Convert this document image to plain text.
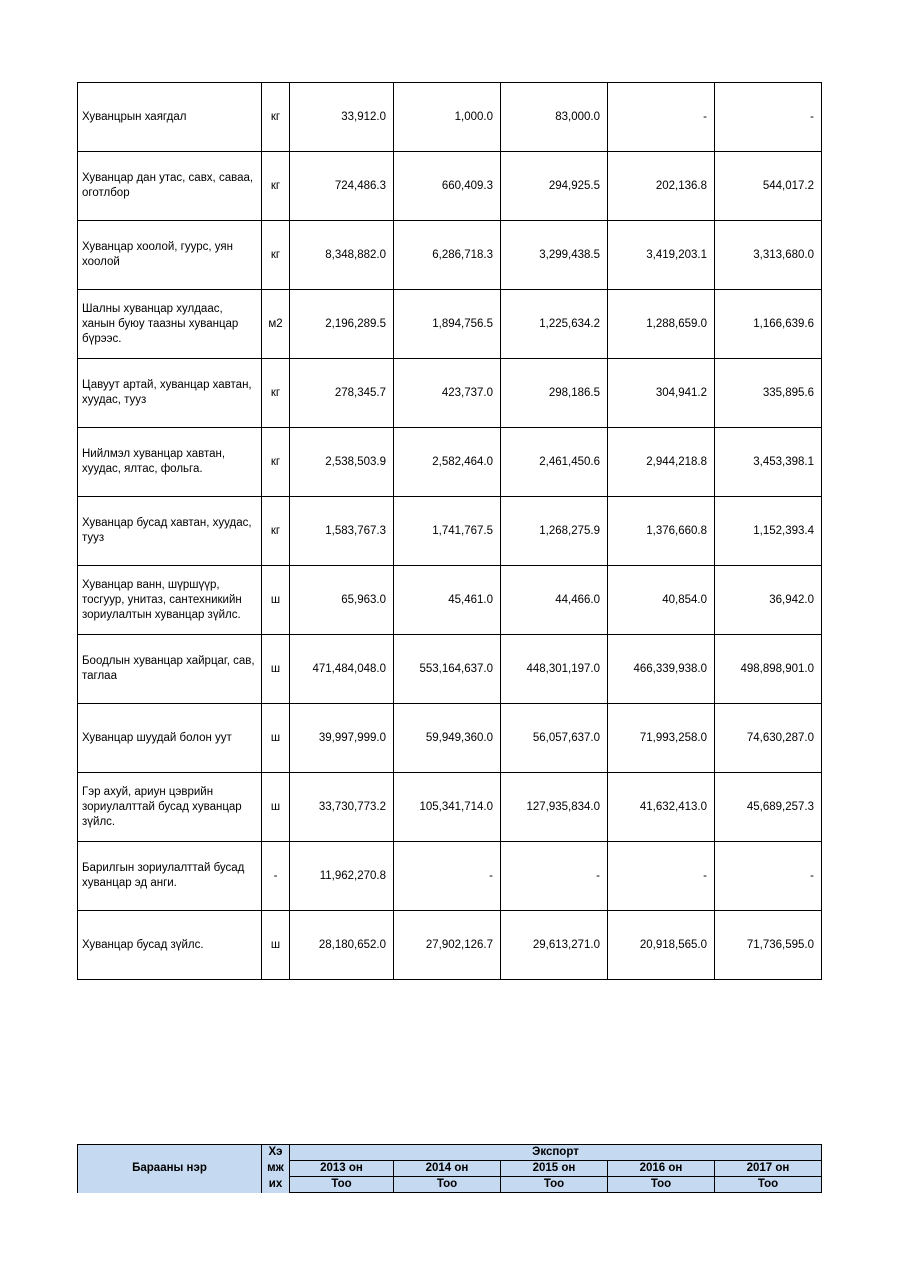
Хуванцрын хаягдал	кг	33,912.0	1,000.0	83,000.0	-	-
Хуванцар дан утас, савх, саваа, оготлбор	кг	724,486.3	660,409.3	294,925.5	202,136.8	544,017.2
Хуванцар хоолой, гуурс, уян хоолой	кг	8,348,882.0	6,286,718.3	3,299,438.5	3,419,203.1	3,313,680.0
Шалны хуванцар хулдаас, ханын буюу таазны хуванцар бүрээс.	м2	2,196,289.5	1,894,756.5	1,225,634.2	1,288,659.0	1,166,639.6
Цавуут артай, хуванцар хавтан, хуудас, тууз	кг	278,345.7	423,737.0	298,186.5	304,941.2	335,895.6
Нийлмэл хуванцар хавтан, хуудас, ялтас, фольга.	кг	2,538,503.9	2,582,464.0	2,461,450.6	2,944,218.8	3,453,398.1
Хуванцар бусад хавтан, хуудас, тууз	кг	1,583,767.3	1,741,767.5	1,268,275.9	1,376,660.8	1,152,393.4
Хуванцар ванн, шүршүүр, тосгуур, унитаз, сантехникийн зориулалтын хуванцар зүйлс.	ш	65,963.0	45,461.0	44,466.0	40,854.0	36,942.0
Боодлын хуванцар хайрцаг, сав, таглаа	ш	471,484,048.0	553,164,637.0	448,301,197.0	466,339,938.0	498,898,901.0
Хуванцар шуудай болон уут	ш	39,997,999.0	59,949,360.0	56,057,637.0	71,993,258.0	74,630,287.0
Гэр ахуй, ариун цэврийн зориулалттай бусад хуванцар зүйлс.	ш	33,730,773.2	105,341,714.0	127,935,834.0	41,632,413.0	45,689,257.3
Барилгын зориулалттай бусад хуванцар эд анги.	-	11,962,270.8	-	-	-	-
Хуванцар бусад зүйлс.	ш	28,180,652.0	27,902,126.7	29,613,271.0	20,918,565.0	71,736,595.0
Барааны нэр	Хэ	Экспорт				
	мж	2013 он	2014 он	2015 он	2016 он	2017 он
	их	Тоо	Тоо	Тоо	Тоо	Тоо
